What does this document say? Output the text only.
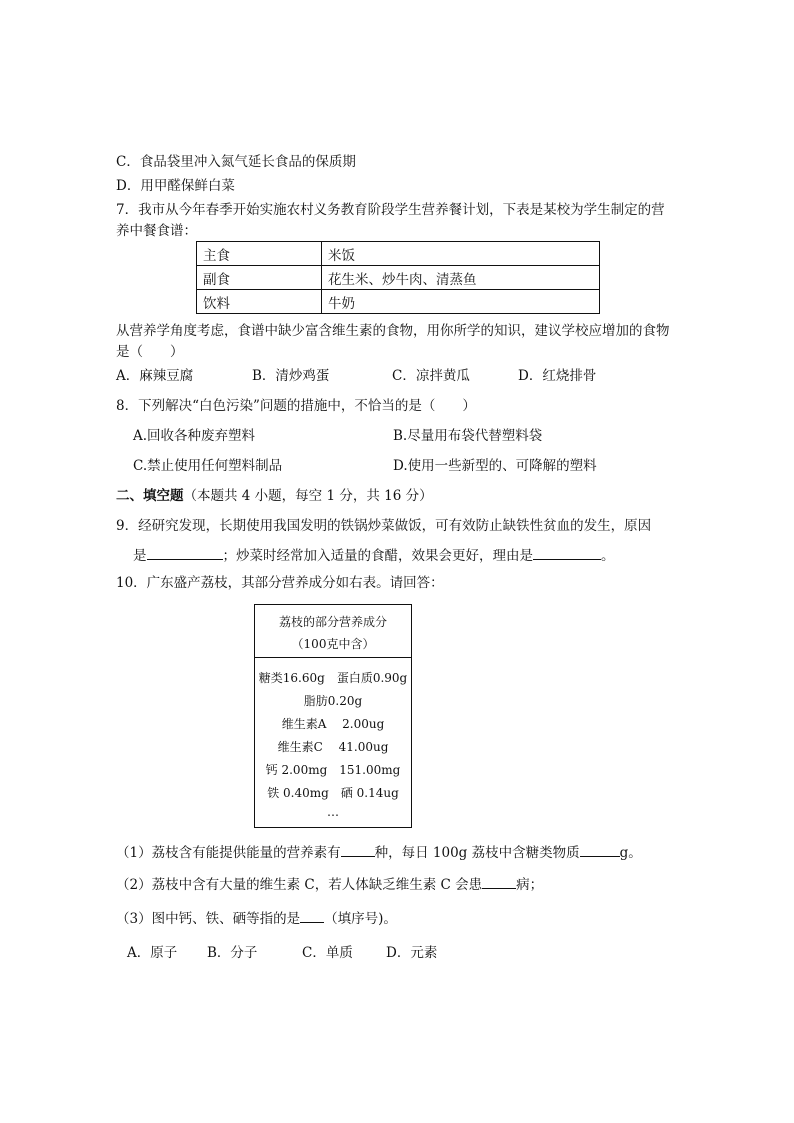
C．食品袋里冲入氮气延长食品的保质期
D．用甲醛保鲜白菜
7．我市从今年春季开始实施农村义务教育阶段学生营养餐计划，下表是某校为学生制定的营
养中餐食谱：
主食	米饭
副食	花生米、炒牛肉、清蒸鱼
饮料	牛奶
从营养学角度考虑，食谱中缺少富含维生素的食物，用你所学的知识，建议学校应增加的食物
是（　　）
A．麻辣豆腐	B．清炒鸡蛋	C．凉拌黄瓜	D．红烧排骨
8．下列解决“白色污染”问题的措施中，不恰当的是（　　）
A.回收各种废弃塑料	B.尽量用布袋代替塑料袋
C.禁止使用任何塑料制品	D.使用一些新型的、可降解的塑料
二、填空题（本题共 4 小题，每空 1 分，共 16 分）
9．经研究发现，长期使用我国发明的铁锅炒菜做饭，可有效防止缺铁性贫血的发生，原因
是	；炒菜时经常加入适量的食醋，效果会更好，理由是	。
10．广东盛产荔枝，其部分营养成分如右表。请回答：
荔枝的部分营养成分
（100克中含）
糖类16.60g　蛋白质0.90g
脂肪0.20g
维生素A　 2.00ug
维生素C　 41.00ug
钙 2.00mg　151.00mg
铁 0.40mg　硒 0.14ug
…
（1）荔枝含有能提供能量的营养素有	种，每日 100g 荔枝中含糖类物质	g。
（2）荔枝中含有大量的维生素 C，若人体缺乏维生素 C 会患	病；
（3）图中钙、铁、硒等指的是 （填序号)。
A．原子 B．分子	C．单质 D．元素
